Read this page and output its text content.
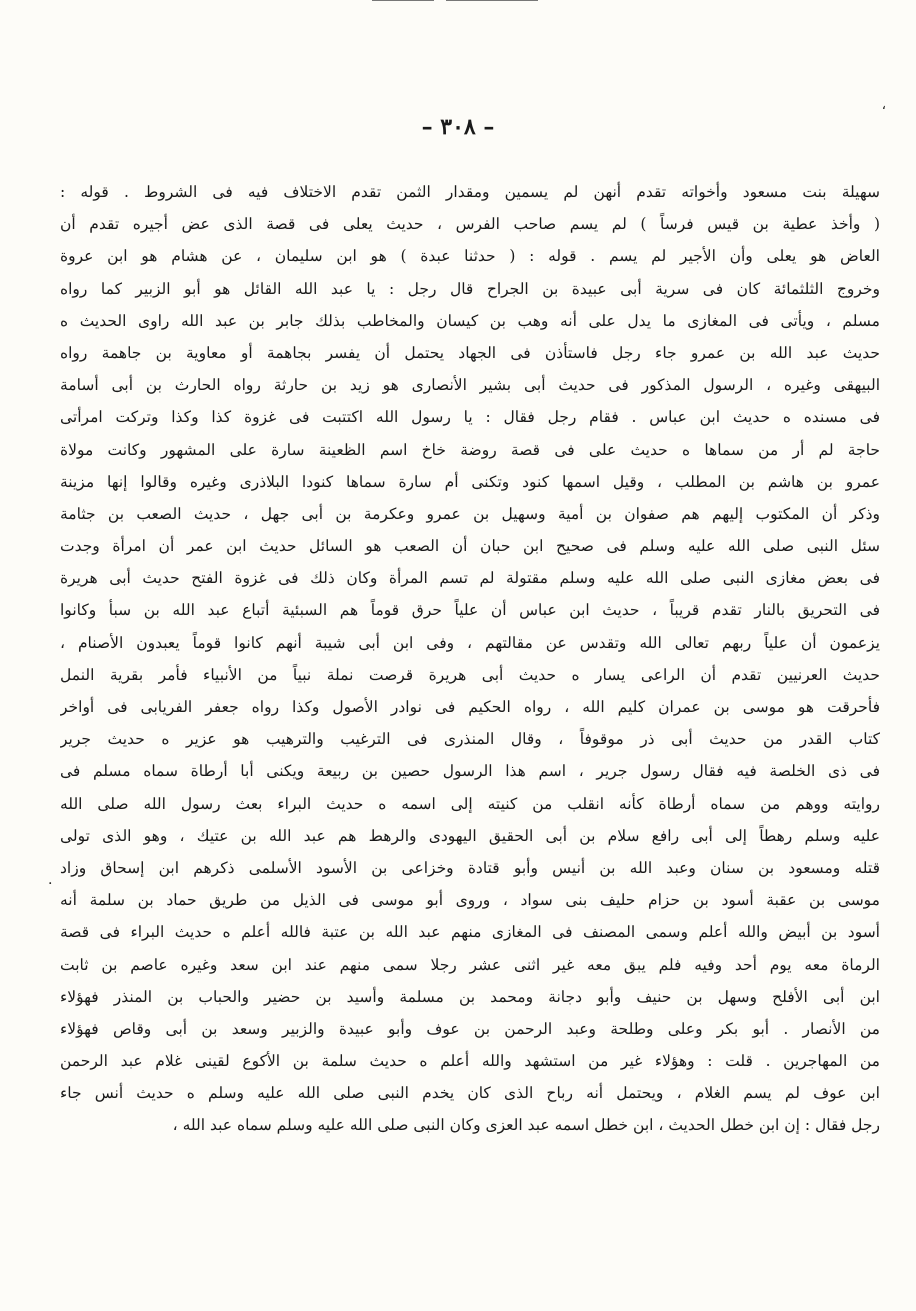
،
– ٣٠٨ –
سهيلة بنت مسعود وأخواته تقدم أنهن لم يسمين ومقدار الثمن تقدم الاختلاف فيه فى الشروط . قوله :
( وأخذ عطية بن قيس فرساً ) لم يسم صاحب الفرس ، حديث يعلى فى قصة الذى عض أجيره تقدم أن
العاض هو يعلى وأن الأجير لم يسم . قوله : ( حدثنا عبدة ) هو ابن سليمان ، عن هشام هو ابن عروة
وخروج الثلثمائة كان فى سرية أبى عبيدة بن الجراح قال رجل : يا عبد الله القائل هو أبو الزبير كما رواه
مسلم ، ويأتى فى المغازى ما يدل على أنه وهب بن كيسان والمخاطب بذلك جابر بن عبد الله راوى الحديث ه
حديث عبد الله بن عمرو جاء رجل فاستأذن فى الجهاد يحتمل أن يفسر بجاهمة أو معاوية بن جاهمة رواه
البيهقى وغيره ، الرسول المذكور فى حديث أبى بشير الأنصارى هو زيد بن حارثة رواه الحارث بن أبى أسامة
فى مسنده ه حديث ابن عباس . فقام رجل فقال : يا رسول الله اكتتبت فى غزوة كذا وكذا وتركت امرأتى
حاجة لم أر من سماها ه حديث على فى قصة روضة خاخ اسم الظعينة سارة على المشهور وكانت مولاة
عمرو بن هاشم بن المطلب ، وقيل اسمها كنود وتكنى أم سارة سماها كنودا البلاذرى وغيره وقالوا إنها مزينة
وذكر أن المكتوب إليهم هم صفوان بن أمية وسهيل بن عمرو وعكرمة بن أبى جهل ، حديث الصعب بن جثامة
سئل النبى صلى الله عليه وسلم فى صحيح ابن حبان أن الصعب هو السائل حديث ابن عمر أن امرأة وجدت
فى بعض مغازى النبى صلى الله عليه وسلم مقتولة لم تسم المرأة وكان ذلك فى غزوة الفتح حديث أبى هريرة
فى التحريق بالنار تقدم قريباً ، حديث ابن عباس أن علياً حرق قوماً هم السبئية أتباع عبد الله بن سبأ وكانوا
يزعمون أن علياً ربهم تعالى الله وتقدس عن مقالتهم ، وفى ابن أبى شيبة أنهم كانوا قوماً يعبدون الأصنام ،
حديث العرنيين تقدم أن الراعى يسار ه حديث أبى هريرة قرصت نملة نبياً من الأنبياء فأمر بقرية النمل
فأحرقت هو موسى بن عمران كليم الله ، رواه الحكيم فى نوادر الأصول وكذا رواه جعفر الفريابى فى أواخر
كتاب القدر من حديث أبى ذر موقوفاً ، وقال المنذرى فى الترغيب والترهيب هو عزير ه حديث جرير
فى ذى الخلصة فيه فقال رسول جرير ، اسم هذا الرسول حصين بن ربيعة ويكنى أبا أرطاة سماه مسلم فى
روايته ووهم من سماه أرطاة كأنه انقلب من كنيته إلى اسمه ه حديث البراء بعث رسول الله صلى الله
عليه وسلم رهطاً إلى أبى رافع سلام بن أبى الحقيق اليهودى والرهط هم عبد الله بن عتيك ، وهو الذى تولى
قتله ومسعود بن سنان وعبد الله بن أنيس وأبو قتادة وخزاعى بن الأسود الأسلمى ذكرهم ابن إسحاق وزاد
موسى بن عقبة أسود بن حزام حليف بنى سواد ، وروى أبو موسى فى الذيل من طريق حماد بن سلمة أنه
أسود بن أبيض والله أعلم وسمى المصنف فى المغازى منهم عبد الله بن عتبة فالله أعلم ه حديث البراء فى قصة
الرماة معه يوم أحد وفيه فلم يبق معه غير اثنى عشر رجلا سمى منهم عند ابن سعد وغيره عاصم بن ثابت
ابن أبى الأفلح وسهل بن حنيف وأبو دجانة ومحمد بن مسلمة وأسيد بن حضير والحباب بن المنذر فهؤلاء
من الأنصار . أبو بكر وعلى وطلحة وعبد الرحمن بن عوف وأبو عبيدة والزبير وسعد بن أبى وقاص فهؤلاء
من المهاجرين . قلت : وهؤلاء غير من استشهد والله أعلم ه حديث سلمة بن الأكوع لقينى غلام عبد الرحمن
ابن عوف لم يسم الغلام ، ويحتمل أنه رباح الذى كان يخدم النبى صلى الله عليه وسلم ه حديث أنس جاء
رجل فقال : إن ابن خطل الحديث ، ابن خطل اسمه عبد العزى وكان النبى صلى الله عليه وسلم سماه عبد الله ،
.
